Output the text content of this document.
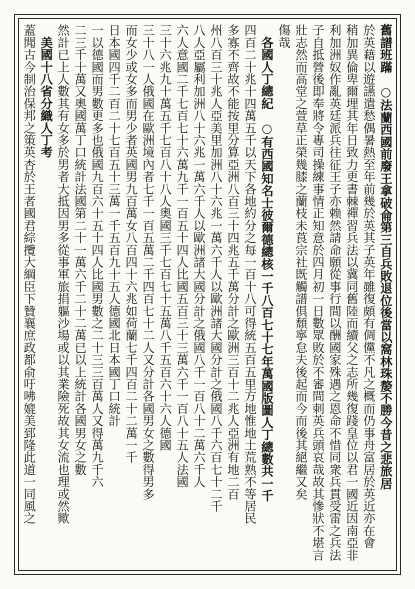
舊譜班蹣　○法蘭西國前廢王拿破侖第三自兵敗退位後當以窩林珠嫠不勝今昔之悲旅居
於英藉以遊讌遣愁偶暑熱至年前幾於英其子英年雖復頗有倜儻不凡之概而仍事舟富居於英近亦在會
稍加異倫卑爾埋其年日致力更書棘禪習兵法以冀同舊陸而續父之志所幾復踐皇位以君一國近因南亞非
利加洲奴作亂英廷派兵往征王子亦赖然請命願從事行間以酬國家殊遇之恩命不惜同衆兵貫受雷之兵法
子自抵營後即奉將令專司操練事情正知意於四月初一日數眾敗於不審間刺英兵頭哀哉故其慘狀不堪言
壯志然而高堂之萱草正榮幾膝之蘭枝未莨宗社既觸譜俱頹寧怠夫後起而今而後其絕繼又矣
傷哉
　各國人丁總紀　○有西國知名士彼爾德總核一千八百七十七年萬國版圖人丁總數共一千
四百二十兆十四萬五千以天下各地約分之每一百十八可得統五百五里方地惟地土荒熟不等居民
多寡不齊故不能按里分算亞洲八百三十四兆五千萬分計之歐洲三百十二兆人亞洲有地二百
州八百三十兆人亞美里加洲八十六兆一萬六千人以歐洲諸大國分計之俄國八千六百七十二千
八人亞屬利加洲八十六兆一萬六千人以歐洲諸大國分計之俄國八千一百八十二萬六千人
六人意國二千七百七十六萬九千一百五十四人比國五百三十三萬六千一百八十五人法國
三十六兆九十萬五千七百八十八人奧國三千七百七十五萬八千五百六十六人德國
三十八一人俄國在歐洲境內者七千一百五萬二千四百七十二人又分計各國男女之數得男多
而女少或女多而男少者英國男九百萬女八百四十六兆如荷蘭七千四百二十二萬一千
日本國四千二百二十七百五十三萬一千五百九十五人德國北日本國丁口統計
一以德國而男數更多也俄國九百六十五十四人比國男數之二十三三百萬人又得萬九千六
二三千十萬又奧國萬丁口統計法國第二十一萬六千二十二萬已以上統計各國男女之數
然計已上人數其有女多於男者大抵因男多從事軍旅捐軀沙場或以其業險死故其女流也理或然歟
　美國十八省分織人丁考
蓋聞古今制治保邦之策英杏於王者國君綜攬大綱臣下贊襄庶政都俞吁咈媲美郅隆此道一同風之
